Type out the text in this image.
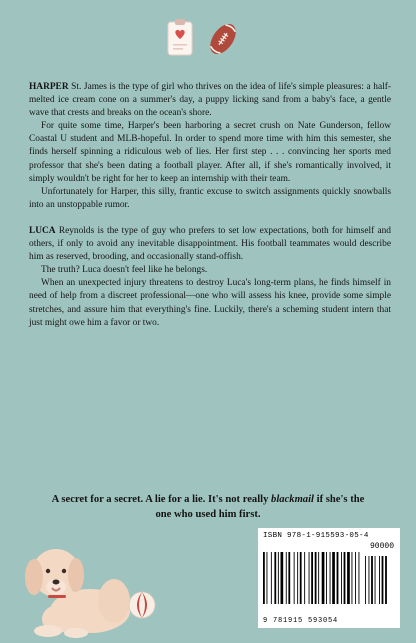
HARPER St. James is the type of girl who thrives on the idea of life's simple pleasures: a half-melted ice cream cone on a summer's day, a puppy licking sand from a baby's face, a gentle wave that crests and breaks on the ocean's shore.

For quite some time, Harper's been harboring a secret crush on Nate Gunderson, fellow Coastal U student and MLB-hopeful. In order to spend more time with him this semester, she finds herself spinning a ridiculous web of lies. Her first step . . . convincing her sports med professor that she's been dating a football player. After all, if she's romantically involved, it simply wouldn't be right for her to keep an internship with their team.

Unfortunately for Harper, this silly, frantic excuse to switch assignments quickly snowballs into an unstoppable rumor.

LUCA Reynolds is the type of guy who prefers to set low expectations, both for himself and others, if only to avoid any inevitable disappointment. His football teammates would describe him as reserved, brooding, and occasionally stand-offish.

The truth? Luca doesn't feel like he belongs.

When an unexpected injury threatens to destroy Luca's long-term plans, he finds himself in need of help from a discreet professional—one who will assess his knee, provide some simple stretches, and assure him that everything's fine. Luckily, there's a scheming student intern that just might owe him a favor or two.

A secret for a secret. A lie for a lie. It's not really blackmail if she's the one who used him first.
ISBN 978-1-915593-05-4
90000
9 781915 593054
